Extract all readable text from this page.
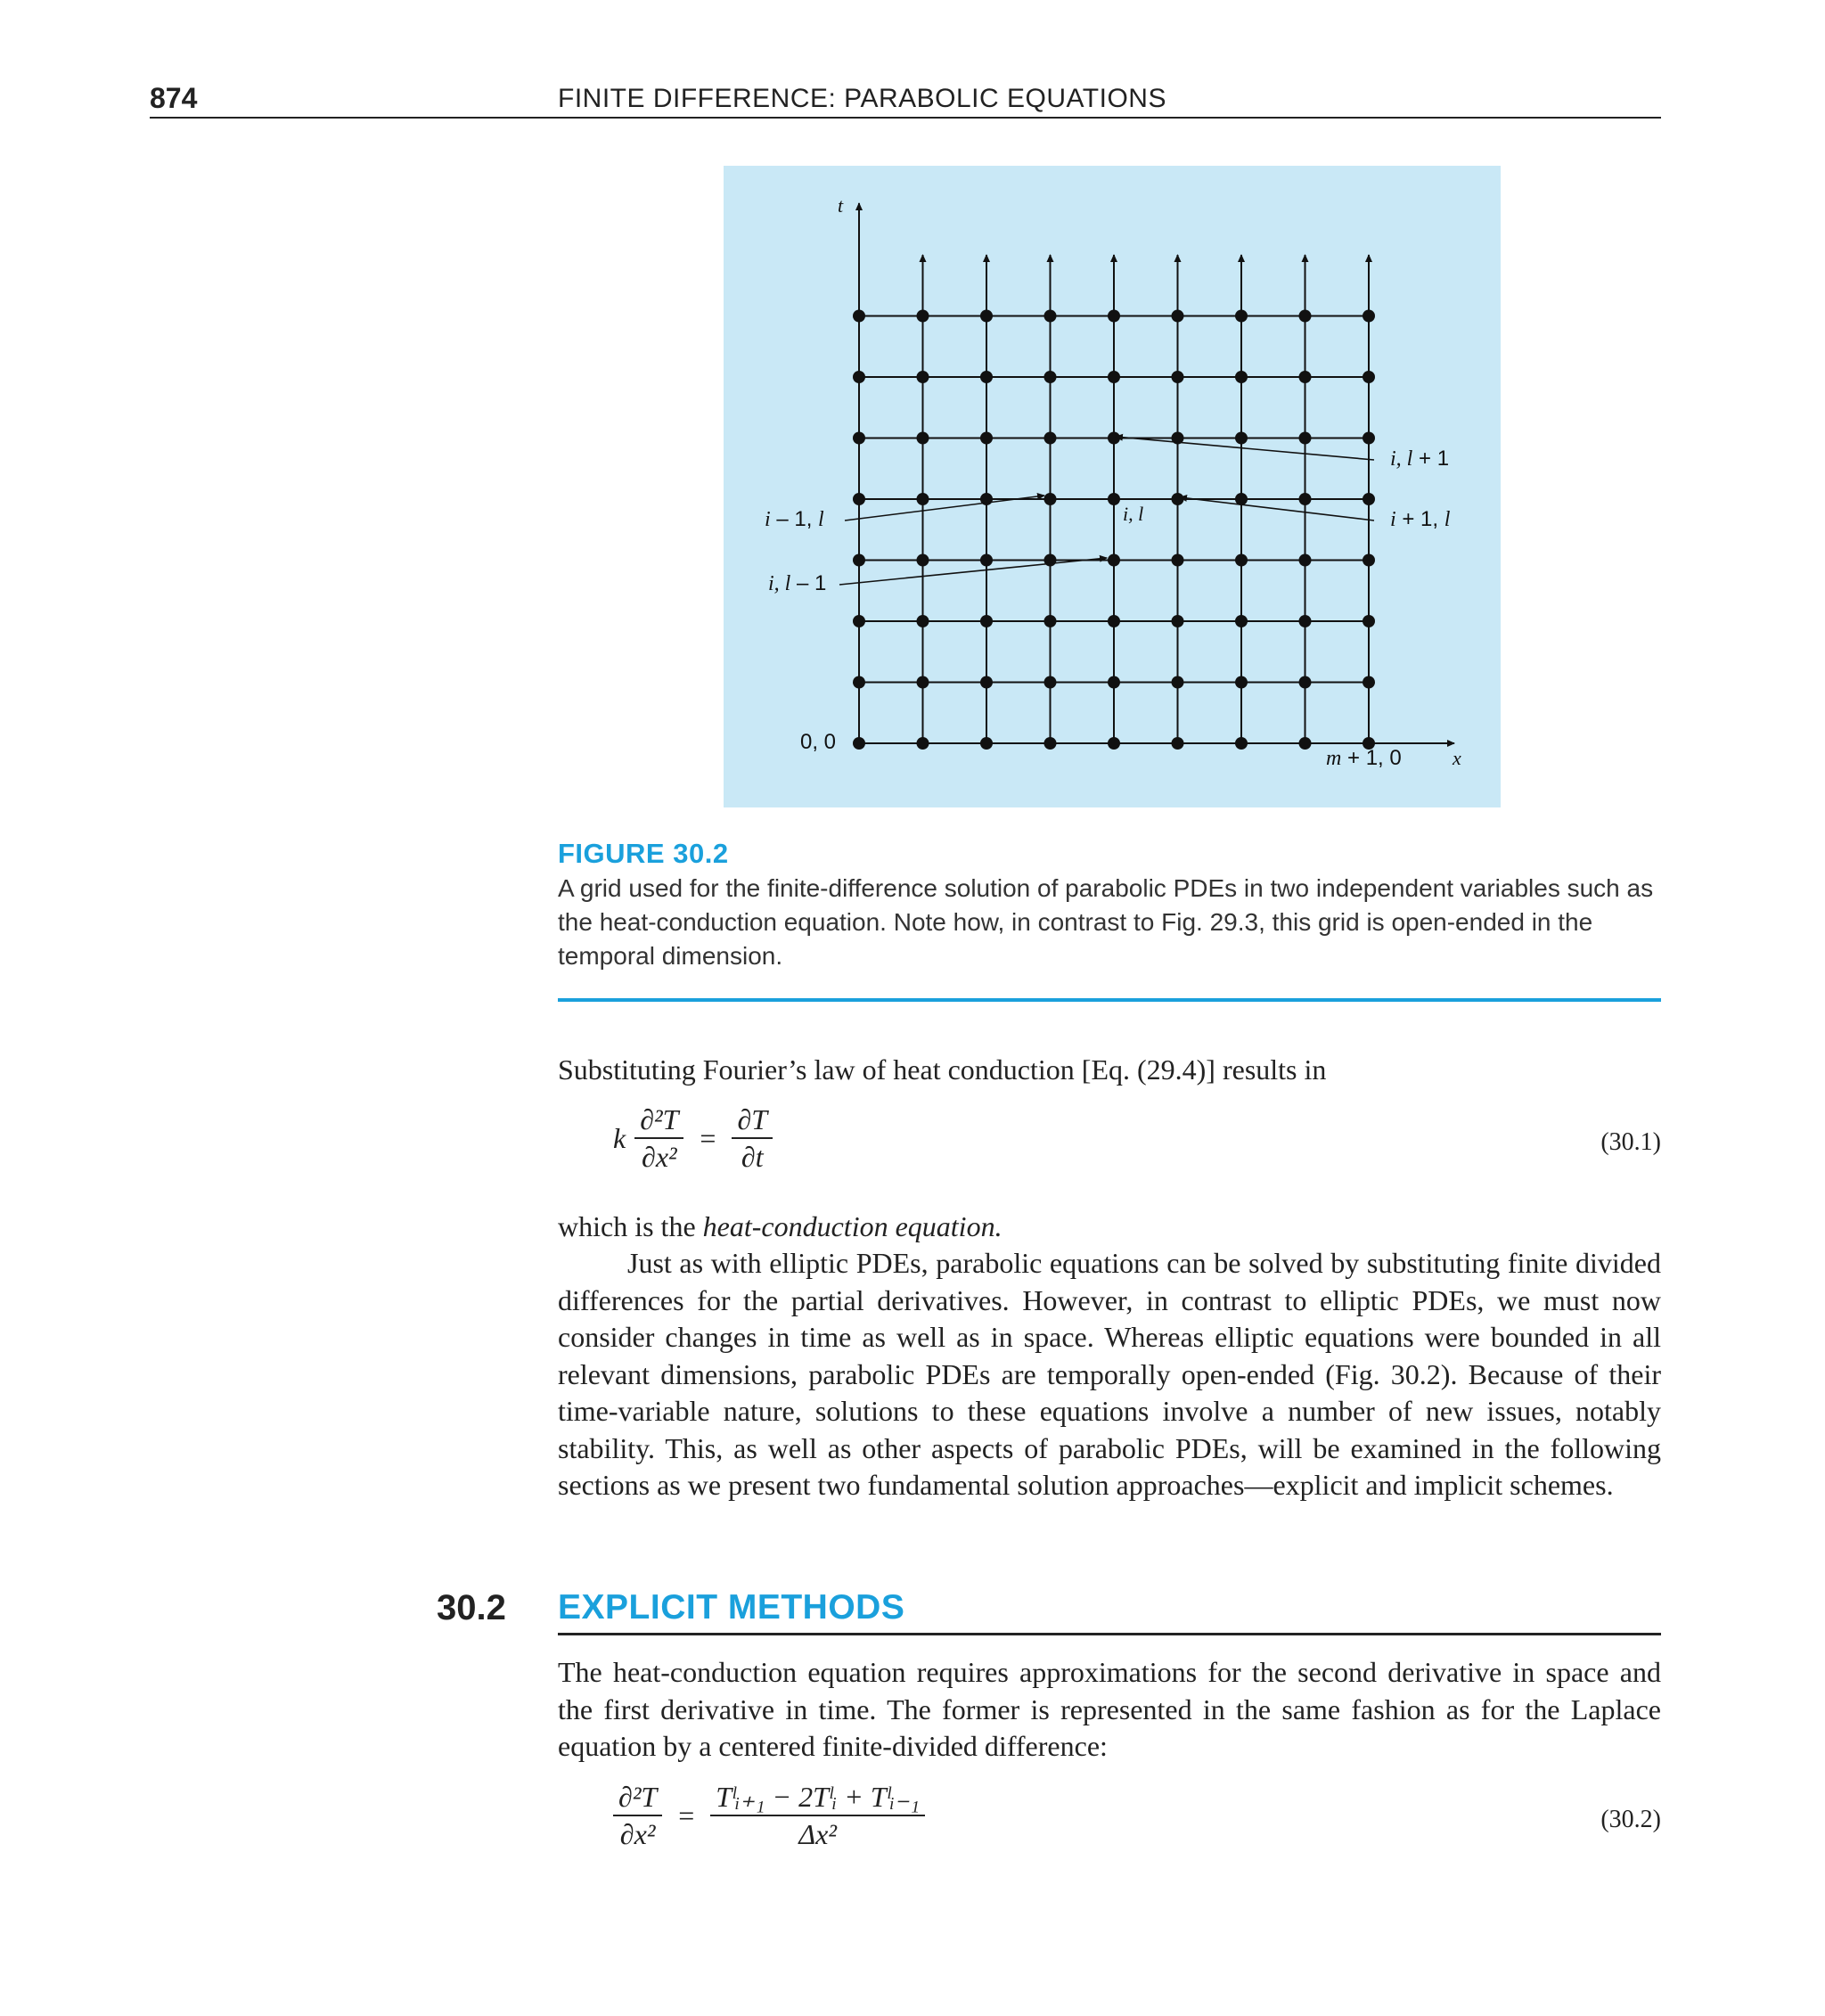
874	FINITE DIFFERENCE: PARABOLIC EQUATIONS
t
x
0, 0
m + 1, 0
i, l
i – 1, l
i, l – 1
i, l + 1
i + 1, l
FIGURE 30.2
A grid used for the finite-difference solution of parabolic PDEs in two independent variables such as the heat-conduction equation. Note how, in contrast to Fig. 29.3, this grid is open-ended in the temporal dimension.
Substituting Fourier’s law of heat conduction [Eq. (29.4)] results in
k $\frac{\text{∂²T}}{\text{∂x²}} = \frac{\partial T}{\partial t}$	(30.1)
which is the heat-conduction equation.
Just as with elliptic PDEs, parabolic equations can be solved by substituting finite divided differences for the partial derivatives. However, in contrast to elliptic PDEs, we must now consider changes in time as well as in space. Whereas elliptic equations were bounded in all relevant dimensions, parabolic PDEs are temporally open-ended (Fig. 30.2). Because of their time-variable nature, solutions to these equations involve a number of new issues, notably stability. This, as well as other aspects of parabolic PDEs, will be examined in the following sections as we present two fundamental solution approaches—explicit and implicit schemes.
30.2 EXPLICIT METHODS
The heat-conduction equation requires approximations for the second derivative in space and the first derivative in time. The former is represented in the same fashion as for the Laplace equation by a centered finite-divided difference:
$\frac{\text{∂²T}}{\text{∂x²}} = \frac{\text{Tˡᵢ₊₁ − 2Tˡᵢ + Tˡᵢ₋₁}}{\text{Δx²}}$	(30.2)
